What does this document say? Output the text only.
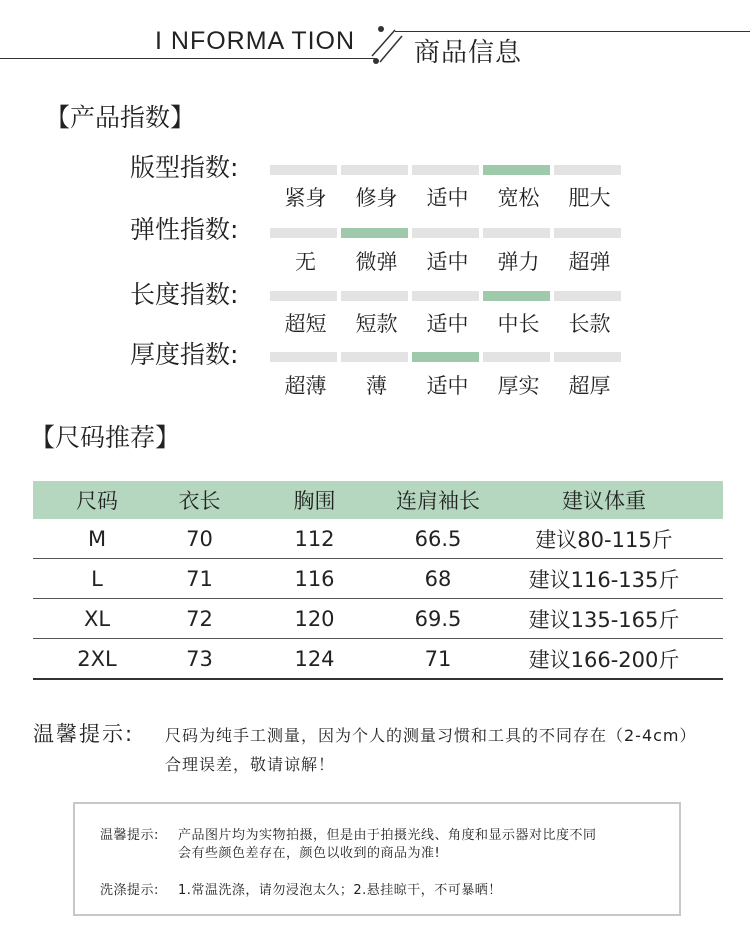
I NFORMA TION 商品信息
【产品指数】
版型指数:
紧身	修身	适中	宽松	肥大
弹性指数:
无	微弹	适中	弹力	超弹
长度指数:
超短	短款	适中	中长	长款
厚度指数:
超薄	薄	适中	厚实	超厚
【尺码推荐】
尺码	衣长	胸围	连肩袖长	建议体重
M	70	112	66.5	建议80-115斤
L	71	116	68	建议116-135斤
XL	72	120	69.5	建议135-165斤
2XL	73	124	71	建议166-200斤
温馨提示: 尺码为纯手工测量，因为个人的测量习惯和工具的不同存在（2-4cm）
合理误差，敬请谅解！
温馨提示: 产品图片均为实物拍摄，但是由于拍摄光线、角度和显示器对比度不同
会有些颜色差存在，颜色以收到的商品为准!
洗涤提示: 1.常温洗涤，请勿浸泡太久；2.悬挂晾干，不可暴晒！
